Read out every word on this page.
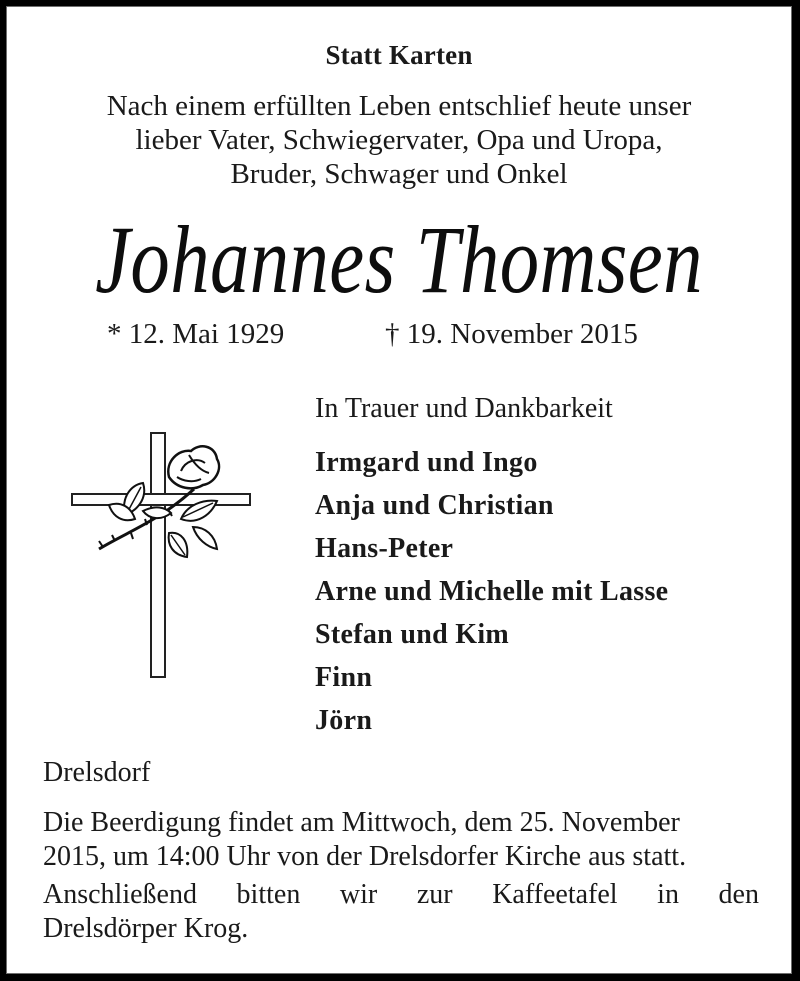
Statt Karten
Nach einem erfüllten Leben entschlief heute unser
lieber Vater, Schwiegervater, Opa und Uropa,
Bruder, Schwager und Onkel
Johannes Thomsen
* 12. Mai 1929	† 19. November 2015
In Trauer und Dankbarkeit
Irmgard und Ingo
Anja und Christian
Hans-Peter
Arne und Michelle mit Lasse
Stefan und Kim
Finn
Jörn
Drelsdorf
Die Beerdigung findet am Mittwoch, dem 25. November
2015, um 14:00 Uhr von der Drelsdorfer Kirche aus statt.
Anschließend bitten wir zur Kaffeetafel in den
Drelsdörper Krog.
